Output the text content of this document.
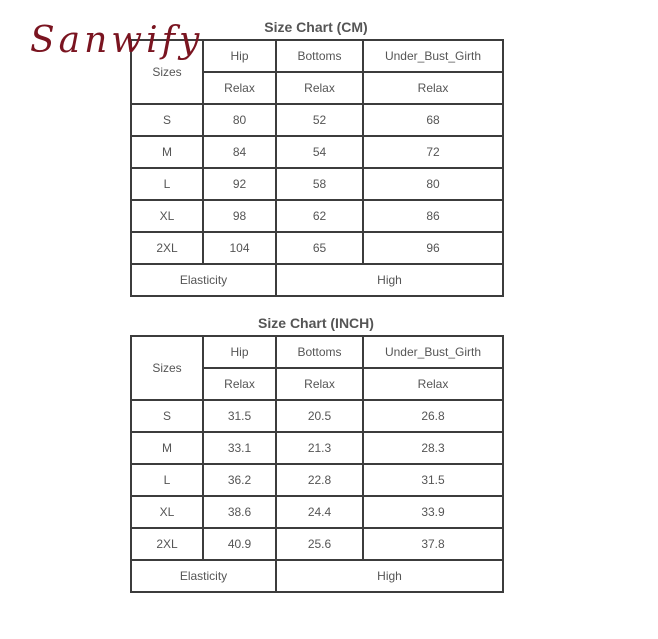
Sanwify	Size Chart (CM)
Sizes	Hip	Bottoms	Under_Bust_Girth
	Relax	Relax	Relax
S	80	52	68
M	84	54	72
L	92	58	80
XL	98	62	86
2XL	104	65	96
Elasticity		High	
Size Chart (INCH)
Sizes	Hip	Bottoms	Under_Bust_Girth
	Relax	Relax	Relax
S	31.5	20.5	26.8
M	33.1	21.3	28.3
L	36.2	22.8	31.5
XL	38.6	24.4	33.9
2XL	40.9	25.6	37.8
Elasticity		High	
